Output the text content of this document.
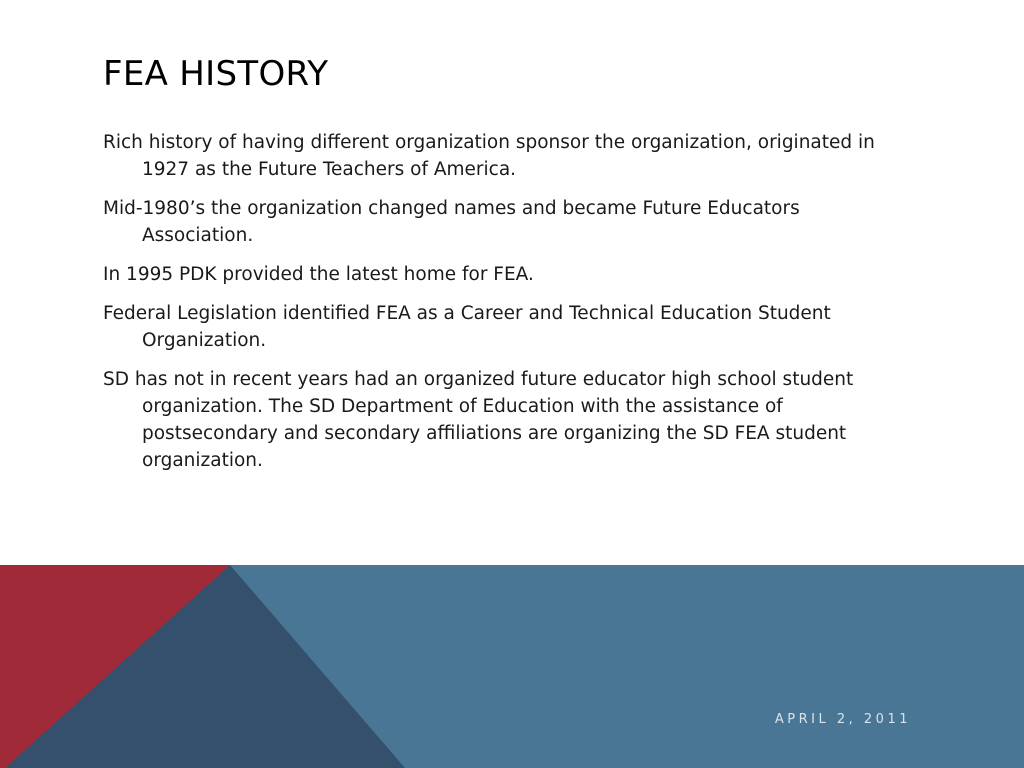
FEA HISTORY
Rich history of having different organization sponsor the organization, originated in 1927 as the Future Teachers of America.
Mid-1980’s the organization changed names and became Future Educators Association.
In 1995 PDK provided the latest home for FEA.
Federal Legislation identified FEA as a Career and Technical Education Student Organization.
SD has not in recent years had an organized future educator high school student organization. The SD Department of Education with the assistance of postsecondary and secondary affiliations are organizing the SD FEA student organization.
APRIL 2, 2011
